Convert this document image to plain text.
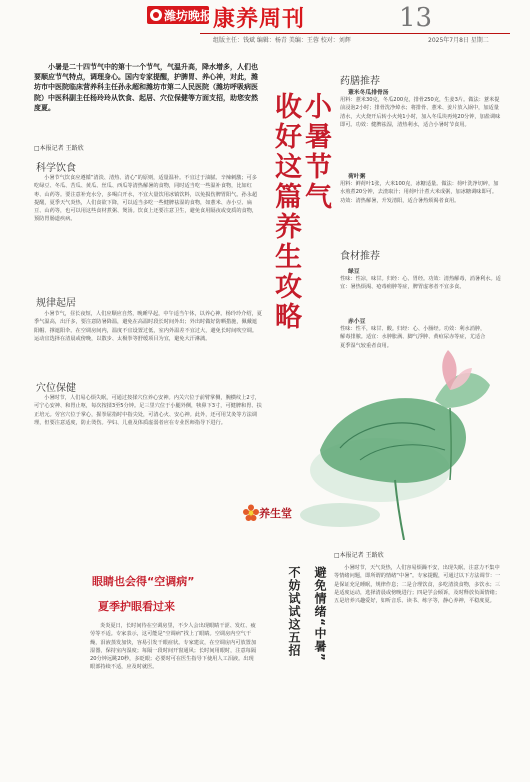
潍坊晚报 康养周刊	13
组版主任：钱斌 编辑：杨青 美编：王蓉 校对：刘辉	2025年7月8日 星期二
小暑是二十四节气中的第十一个节气，气温升高，降水增多，人们也要顺应节气特点，调理身心。国内专家提醒，护脾胃、养心神，对此，潍坊市中医院临床营养科主任孙永超和潍坊市第二人民医院（潍坊呼吸病医院）中医科副主任杨玲玲从饮食、起居、穴位保健等方面支招，助您安然度夏。
□本报记者 王路欣
科学饮食
小暑节气饮食应遵循“清淡、清热、清心”的原则，适量温补。不宜过于油腻、辛辣刺激；可多吃绿豆、冬瓜、苦瓜、黄瓜、丝瓜、西瓜等清热解暑的食物，同时适当吃一些温补食物，比如红枣、山药等。要注意补充水分，多喝白开水，不宜大量饮用冰镇饮料，以免损伤脾胃阳气。孙永超提醒，夏季天气炎热，人们食欲下降，可以适当多吃一些健脾祛湿的食物，如薏米、赤小豆、扁豆、山药等，也可以用这些食材煮粥、煲汤。饮食上还要注意卫生，避免食用隔夜或变质的食物，预防胃肠道疾病。
规律起居
小暑节气，昼长夜短，人们应顺应自然，晚睡早起，中午适当午休，以养心神。杨玲玲介绍，夏季气温高，出汗多，要注意防暑降温，避免在高温时段长时间外出；外出时做好防晒措施，佩戴遮阳帽、撑遮阳伞。在空调房间内，温度不宜设置过低，室内外温差不宜过大，避免长时间吹空调。运动宜选择在清晨或傍晚，以散步、太极拳等舒缓项目为宜，避免大汗淋漓。
穴位保健
小暑时节，人们易心烦失眠，可通过按揉穴位养心安神。内关穴位于前臂掌侧，腕横纹上2寸，可宁心安神、和胃止呕，每次按揉3至5分钟。足三里穴位于小腿外侧，犊鼻下3寸，可健脾和胃、扶正培元。劳宫穴位于掌心，握拳屈指时中指尖处，可清心火、安心神。此外，还可用艾灸等方法调理，但要注意适度，防止烫伤。孕妇、儿童及体质虚弱者应在专业医师指导下进行。
小暑节气
收好这篇养生攻略
药膳推荐
薏米冬瓜排骨汤
用料：薏米30克，冬瓜200克，排骨250克，生姜3片。做法：薏米提前浸泡2小时；排骨洗净焯水；将排骨、薏米、姜片放入锅中，加适量清水，大火烧开后转小火炖1小时，加入冬瓜块再炖20分钟，加盐调味即可。功效：健脾祛湿，清热利水，适合小暑时节食用。
荷叶粥
用料：鲜荷叶1张，大米100克，冰糖适量。做法：荷叶洗净切碎，加水煎煮20分钟，去渣取汁；用荷叶汁煮大米成粥，加冰糖调味即可。功效：清热解暑，升发清阳，适合暑热烦渴者食用。
食材推荐
绿豆
性味：性凉，味甘。归经：心、胃经。功效：清热解毒，消暑利水。适宜：暑热烦渴、疮毒痈肿等症，脾胃虚寒者不宜多食。
赤小豆
性味：性平，味甘、酸。归经：心、小肠经。功效：利水消肿，解毒排脓。适宜：水肿胀满、脚气浮肿、黄疸尿赤等症，尤适合夏季湿气较重者食用。
养生堂
眼睛也会得“空调病”
夏季护眼看过来
炎炎夏日，长时间待在空调房里，不少人会出现眼睛干涩、发红、疲劳等不适。专家表示，这可能是“空调病”找上了眼睛。空调房内空气干燥，泪液蒸发加快，容易引发干眼症状。专家建议，在空调房内可放置加湿器，保持室内湿度；每隔一段时间开窗通风；长时间用眼时，注意每隔20分钟远眺20秒，多眨眼；必要时可在医生指导下使用人工泪液。出现眼部持续不适，应及时就医。
避免情绪“中暑”
不妨试试这五招
□本报记者 王路欣
小暑时节，天气炎热，人们容易烦躁不安，出现失眠、注意力不集中等情绪问题，即所谓的情绪“中暑”。专家提醒，可通过以下方法调节：一是保证充足睡眠，规律作息；二是合理饮食，多吃清淡食物，多饮水；三是适度运动，选择清晨或傍晚进行；四是学会倾诉，及时释放负面情绪；五是培养兴趣爱好，如听音乐、读书、练字等，静心养神，平稳度夏。
